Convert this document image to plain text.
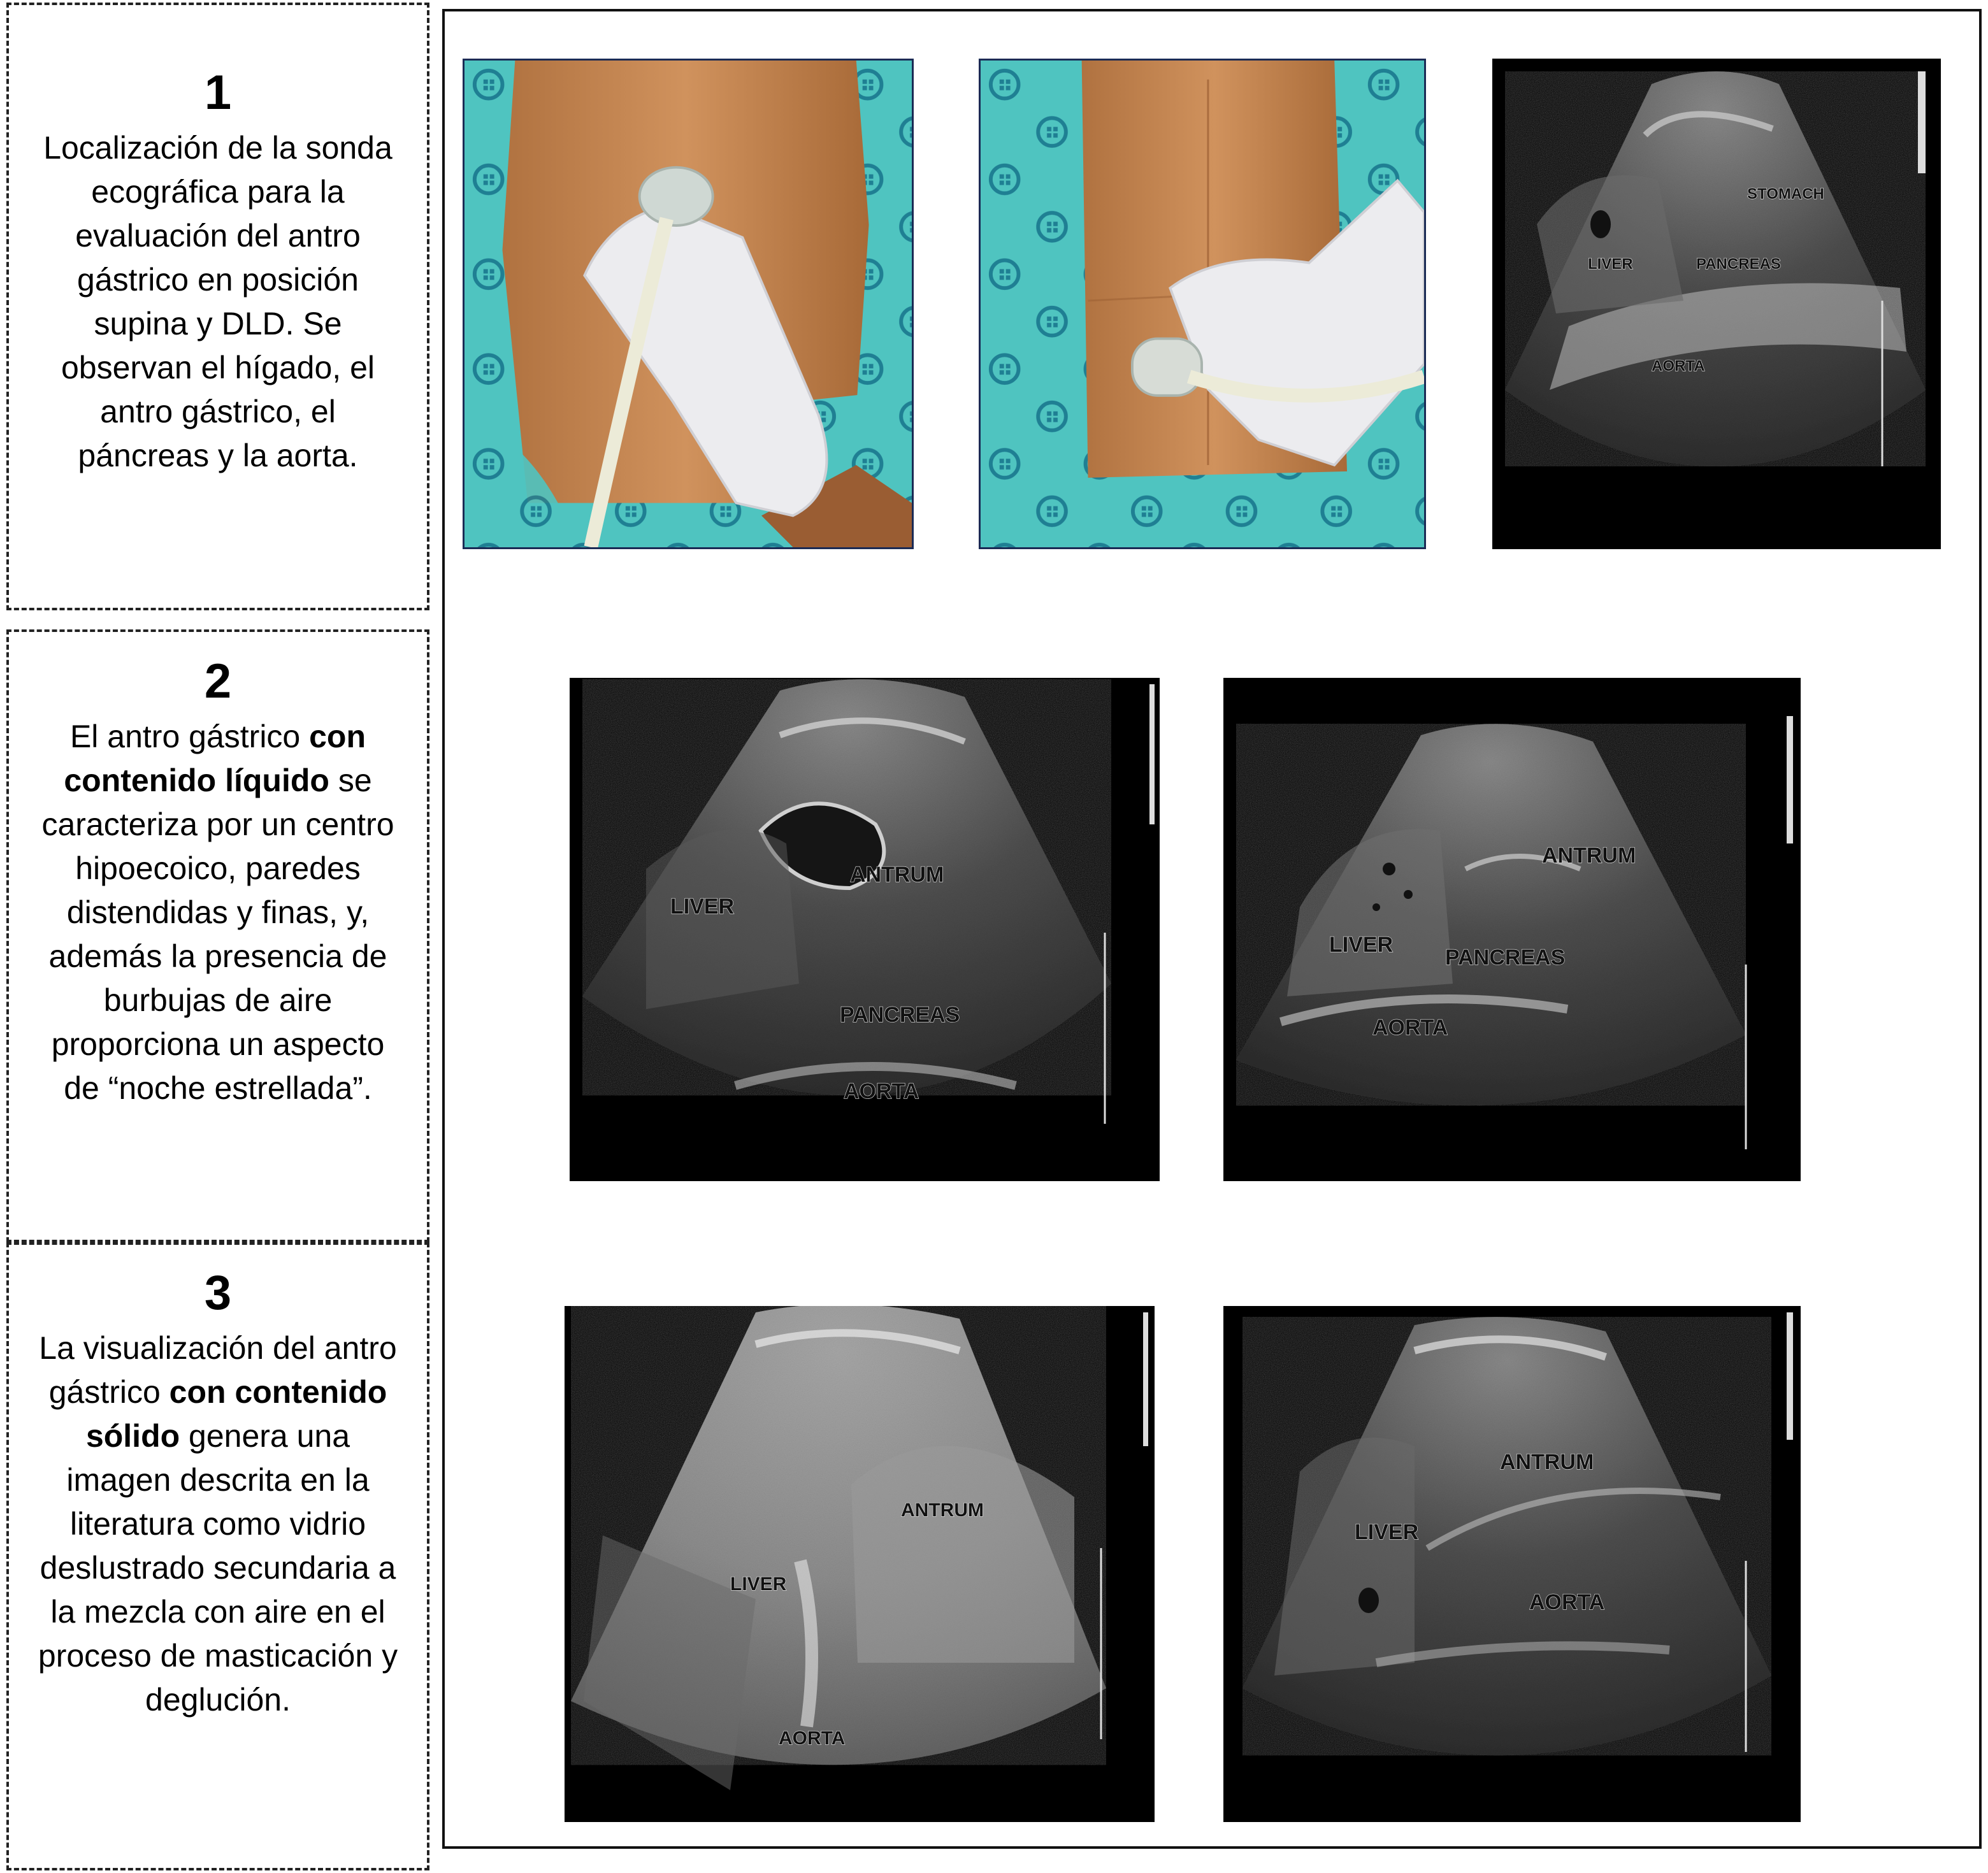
1
Localización de la sonda ecográfica para la evaluación del antro gástrico en posición supina y DLD. Se observan el hígado, el antro gástrico, el páncreas y la aorta.
2
El antro gástrico con contenido líquido se caracteriza por un centro hipoecoico, paredes distendidas y finas, y, además la presencia de burbujas de aire proporciona un aspecto de “noche estrellada”.
3
La visualización del antro gástrico con contenido sólido genera una imagen descrita en la literatura como vidrio deslustrado secundaria a la mezcla con aire en el proceso de masticación y deglución.
STOMACH
LIVER	PANCREAS
AORTA
LIVER
ANTRUM
PANCREAS
AORTA
ANTRUM
LIVER
PANCREAS
AORTA
ANTRUM
LIVER
AORTA
ANTRUM
LIVER
AORTA
